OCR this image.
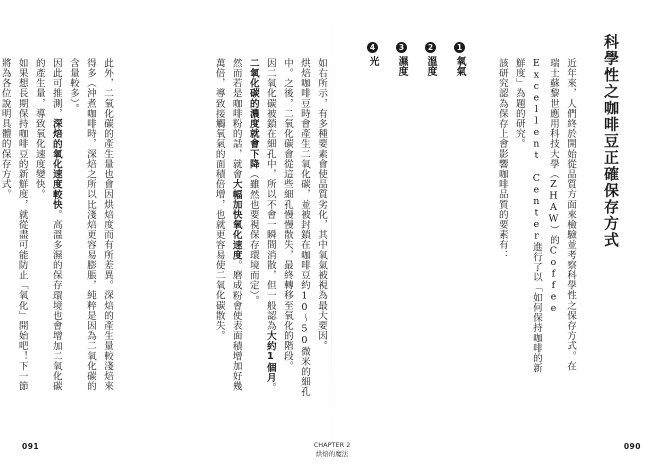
科學性之咖啡豆正確保存方式
近年來，人們終於開始從品質方面來檢驗並考察科學性之保存方式。在瑞士蘇黎世應用科技大學（ZHAW）的Coffee Excellent Center進行了以「如何保持咖啡的新鮮度」為題的研究。
該研究認為保存上會影響咖啡品質的要素有：
1
氧氣
2
溫度
3
濕度
4
光
090
如右所示，有多種要素會使品質劣化，其中氧氣被視為最大要因。
烘焙咖啡豆時會產生二氧化碳，並被封鎖在咖啡豆約10～50微米的細孔中。之後，二氧化碳會從這些細孔慢慢散失，最終轉移至氧化的階段。
因二氧化碳被鎖在細孔中，所以不會一瞬間消散，但一般認為大約1個月。二氧化碳的濃度就會下降（雖然也要視保存環境而定）。
然而若是咖啡粉的話，就會大幅加快氧化速度。磨成粉會使表面積增加好幾萬倍，導致接觸氧氣的面積倍增，也就更容易使二氧化碳散失。
此外，二氧化碳的產生量也會因烘焙度而有所差異。深焙的產生量較淺焙來得多（沖煮咖啡時，深焙之所以比淺焙更容易膨脹，純粹是因為二氧化碳的含量較多）。
因此可推測，深焙的氧化速度較快。高溫多濕的保存環境也會增加二氧化碳的產生量，導致氧化速度變快。
如果想長期保持咖啡豆的新鮮度，就從盡可能防止「氧化」開始吧！下一節將為各位說明具體的保存方式。
091	CHAPTER 2
烘焙的魔法
